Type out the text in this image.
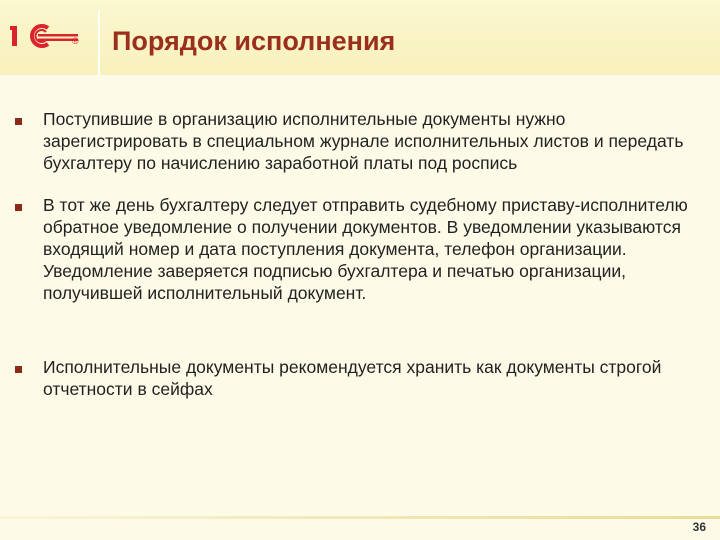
® Порядок исполнения

Поступившие в организацию исполнительные документы нужно зарегистрировать в специальном журнале исполнительных листов и передать бухгалтеру по начислению заработной платы под роспись

В тот же день бухгалтеру следует отправить судебному приставу-исполнителю обратное уведомление о получении документов. В уведомлении указываются входящий номер и дата поступления документа, телефон организации. Уведомление заверяется подписью бухгалтера и печатью организации, получившей исполнительный документ.

Исполнительные документы рекомендуется хранить как документы строгой отчетности в сейфах

36
